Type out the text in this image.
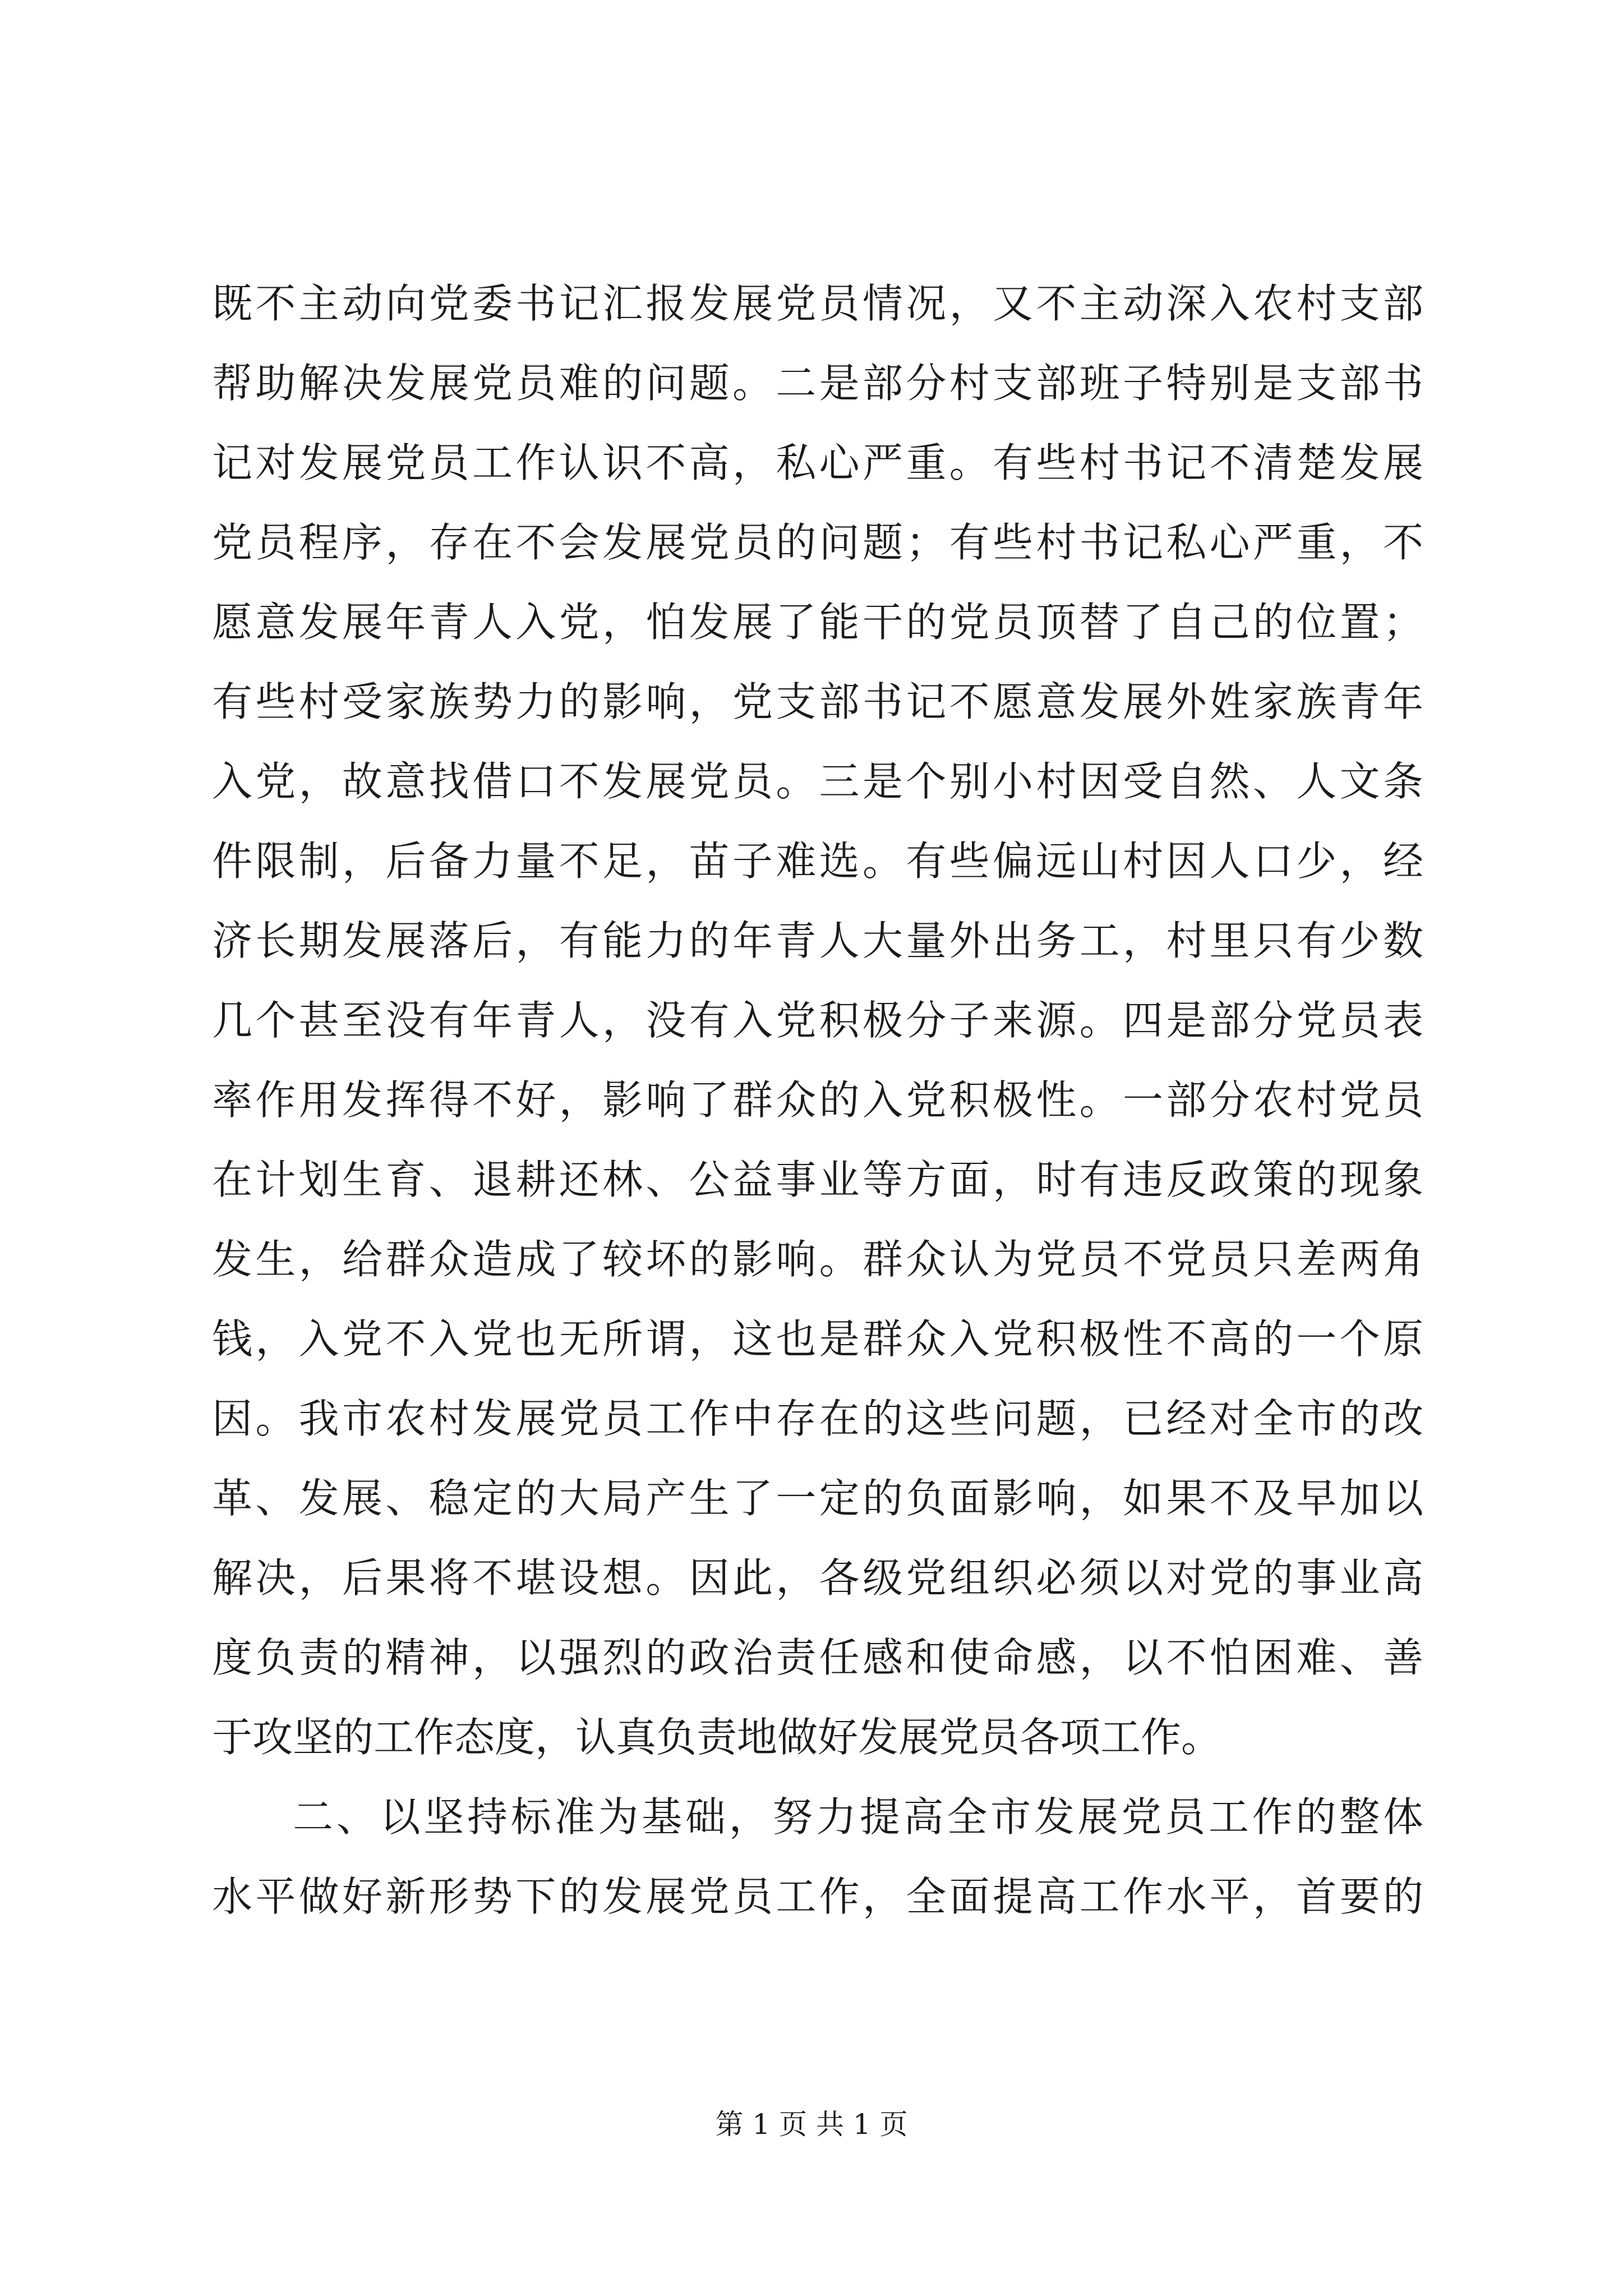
既不主动向党委书记汇报发展党员情况，又不主动深入农村支部
帮助解决发展党员难的问题。二是部分村支部班子特别是支部书
记对发展党员工作认识不高，私心严重。有些村书记不清楚发展
党员程序，存在不会发展党员的问题；有些村书记私心严重，不
愿意发展年青人入党，怕发展了能干的党员顶替了自己的位置；
有些村受家族势力的影响，党支部书记不愿意发展外姓家族青年
入党，故意找借口不发展党员。三是个别小村因受自然、人文条
件限制，后备力量不足，苗子难选。有些偏远山村因人口少，经
济长期发展落后，有能力的年青人大量外出务工，村里只有少数
几个甚至没有年青人，没有入党积极分子来源。四是部分党员表
率作用发挥得不好，影响了群众的入党积极性。一部分农村党员
在计划生育、退耕还林、公益事业等方面，时有违反政策的现象
发生，给群众造成了较坏的影响。群众认为党员不党员只差两角
钱，入党不入党也无所谓，这也是群众入党积极性不高的一个原
因。我市农村发展党员工作中存在的这些问题，已经对全市的改
革、发展、稳定的大局产生了一定的负面影响，如果不及早加以
解决，后果将不堪设想。因此，各级党组织必须以对党的事业高
度负责的精神，以强烈的政治责任感和使命感，以不怕困难、善
于攻坚的工作态度，认真负责地做好发展党员各项工作。
二、以坚持标准为基础，努力提高全市发展党员工作的整体
水平做好新形势下的发展党员工作，全面提高工作水平，首要的
第 1 页 共 1 页
